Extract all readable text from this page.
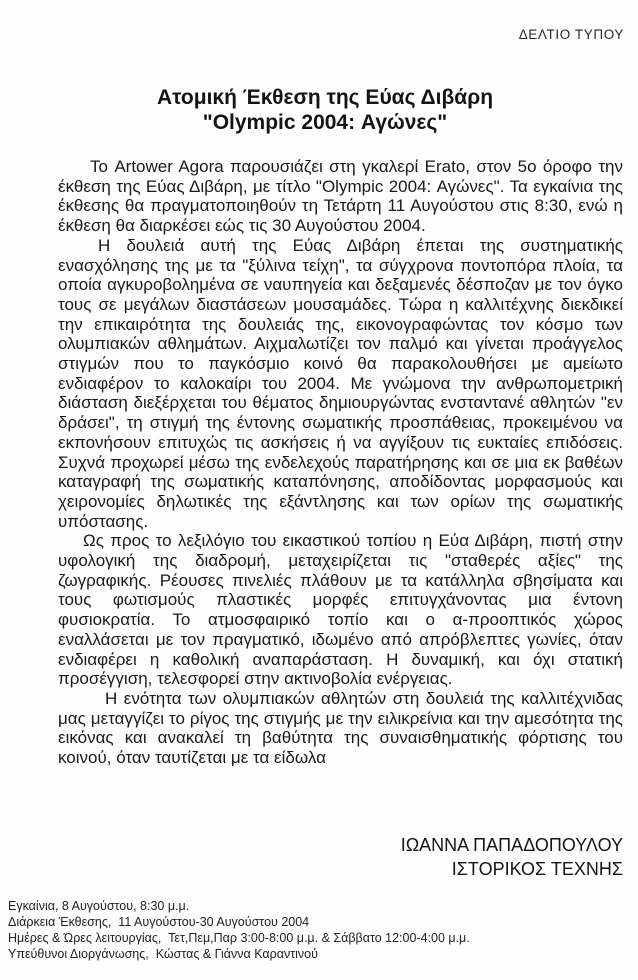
ΔΕΛΤΙΟ ΤΥΠΟΥ
Ατομική Έκθεση της Εύας Διβάρη
"Olympic 2004: Αγώνες"

Το Artower Agora παρουσιάζει στη γκαλερί Erato, στον 5ο όροφο την έκθεση της Εύας Διβάρη, με τίτλο "Olympic 2004: Αγώνες". Τα εγκαίνια της έκθεσης θα πραγματοποιηθούν τη Τετάρτη 11 Αυγούστου στις 8:30, ενώ η έκθεση θα διαρκέσει εώς τις 30 Αυγούστου 2004.

Η δουλειά αυτή της Εύας Διβάρη έπεται της συστηματικής ενασχόλησης της με τα "ξύλινα τείχη", τα σύγχρονα ποντοπόρα πλοία, τα οποία αγκυροβολημένα σε ναυπηγεία και δεξαμενές δέσποζαν με τον όγκο τους σε μεγάλων διαστάσεων μουσαμάδες. Τώρα η καλλιτέχνης διεκδικεί την επικαιρότητα της δουλειάς της, εικονογραφώντας τον κόσμο των ολυμπιακών αθλημάτων. Αιχμαλωτίζει τον παλμό και γίνεται προάγγελος στιγμών που το παγκόσμιο κοινό θα παρακολουθήσει με αμείωτο ενδιαφέρον το καλοκαίρι του 2004. Με γνώμονα την ανθρωπομετρική διάσταση διεξέρχεται του θέματος δημιουργώντας ενσταντανέ αθλητών "εν δράσει", τη στιγμή της έντονης σωματικής προσπάθειας, προκειμένου να εκπονήσουν επιτυχώς τις ασκήσεις ή να αγγίξουν τις ευκταίες επιδόσεις. Συχνά προχωρεί μέσω της ενδελεχούς παρατήρησης και σε μια εκ βαθέων καταγραφή της σωματικής καταπόνησης, αποδίδοντας μορφασμούς και χειρονομίες δηλωτικές της εξάντλησης και των ορίων της σωματικής υπόστασης.

Ως προς το λεξιλόγιο του εικαστικού τοπίου η Εύα Διβάρη, πιστή στην υφολογική της διαδρομή, μεταχειρίζεται τις "σταθερές αξίες" της ζωγραφικής. Ρέουσες πινελιές πλάθουν με τα κατάλληλα σβησίματα και τους φωτισμούς πλαστικές μορφές επιτυγχάνοντας μια έντονη φυσιοκρατία. Το ατμοσφαιρικό τοπίο και ο α-προοπτικός χώρος εναλλάσεται με τον πραγματικό, ιδωμένο από απρόβλεπτες γωνίες, όταν ενδιαφέρει η καθολική αναπαράσταση. Η δυναμική, και όχι στατική προσέγγιση, τελεσφορεί στην ακτινοβολία ενέργειας.

Η ενότητα των ολυμπιακών αθλητών στη δουλειά της καλλιτέχνιδας μας μεταγγίζει το ρίγος της στιγμής με την ειλικρείνια και την αμεσότητα της εικόνας και ανακαλεί τη βαθύτητα της συναισθηματικής φόρτισης του κοινού, όταν ταυτίζεται με τα είδωλα

ΙΩΑΝΝΑ ΠΑΠΑΔΟΠΟΥΛΟΥ
ΙΣΤΟΡΙΚΟΣ ΤΕΧΝΗΣ

Εγκαίνια, 8 Αυγούστου, 8:30 μ.μ.

Διάρκεια Έκθεσης,  11 Αυγούστου-30 Αυγούστου 2004

Ημέρες & Ώρες λειτουργίας,  Τετ,Πεμ,Παρ 3:00-8:00 μ.μ. & Σάββατο 12:00-4:00 μ.μ.

Υπεύθυνοι Διοργάνωσης,  Κώστας & Γιάννα Καραντινού
